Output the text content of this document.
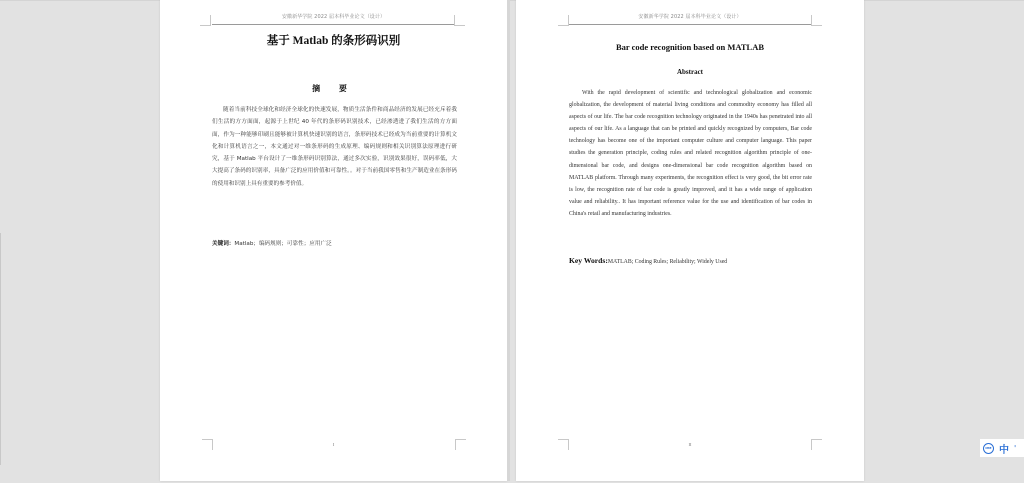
安徽新华学院 2022 届本科毕业论文（设计）
基于 Matlab 的条形码识别
摘 要
随着当前科技全球化和经济全球化的快速发展，物质生活条件和商品经济的发展已经充斥着我们生活的方方面面，起源于上世纪 40 年代的条形码识别技术，已经渗透进了我们生活的方方面面，作为一种能够印刷且能够被计算机快速识别的语言，条形码技术已经成为当前重要的计算机文化和计算机语言之一，本文通过对一维条形码的生成原理、编码规则和相关识别算法原理进行研究，基于 Matlab 平台设计了一维条形码识别算法，通过多次实验，识别效果很好，误码率低，大大提高了条码的识别率，具备广泛的应用价值和可靠性。。对于当前我国零售和生产制造业在条形码的使用和识别上具有重要的参考价值。
关键词：Matlab；编码规则；可靠性；应用广泛
I
安徽新华学院 2022 届本科毕业论文（设计）
Bar code recognition based on MATLAB
Abstract
With the rapid development of scientific and technological globalization and economic globalization, the development of material living conditions and commodity economy has filled all aspects of our life. The bar code recognition technology originated in the 1940s has penetrated into all aspects of our life. As a language that can be printed and quickly recognized by computers, Bar code technology has become one of the important computer culture and computer language. This paper studies the generation principle, coding rules and related recognition algorithm principle of one-dimensional bar code, and designs one-dimensional bar code recognition algorithm based on MATLAB platform. Through many experiments, the recognition effect is very good, the bit error rate is low, the recognition rate of bar code is greatly improved, and it has a wide range of application value and reliability.. It has important reference value for the use and identification of bar codes in China's retail and manufacturing industries.
Key Words:MATLAB; Coding Rules; Reliability; Widely Used
II
IME 中 '
